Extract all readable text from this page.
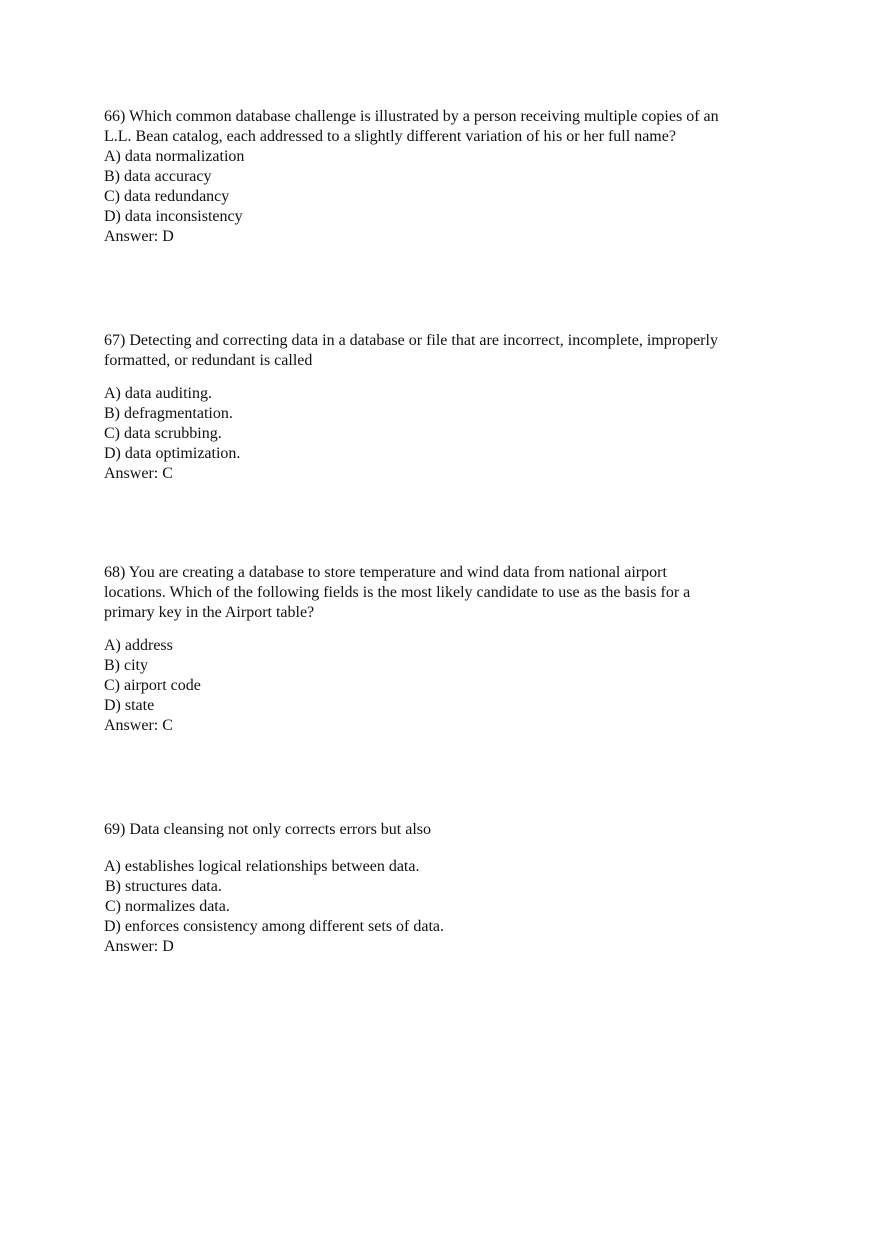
66) Which common database challenge is illustrated by a person receiving multiple copies of an
L.L. Bean catalog, each addressed to a slightly different variation of his or her full name?
A) data normalization
B) data accuracy
C) data redundancy
D) data inconsistency
Answer: D
67) Detecting and correcting data in a database or file that are incorrect, incomplete, improperly
formatted, or redundant is called
A) data auditing.
B) defragmentation.
C) data scrubbing.
D) data optimization.
Answer: C
68) You are creating a database to store temperature and wind data from national airport
locations. Which of the following fields is the most likely candidate to use as the basis for a
primary key in the Airport table?
A) address
B) city
C) airport code
D) state
Answer: C
69) Data cleansing not only corrects errors but also
A) establishes logical relationships between data.
B) structures data.
C) normalizes data.
D) enforces consistency among different sets of data.
Answer: D
